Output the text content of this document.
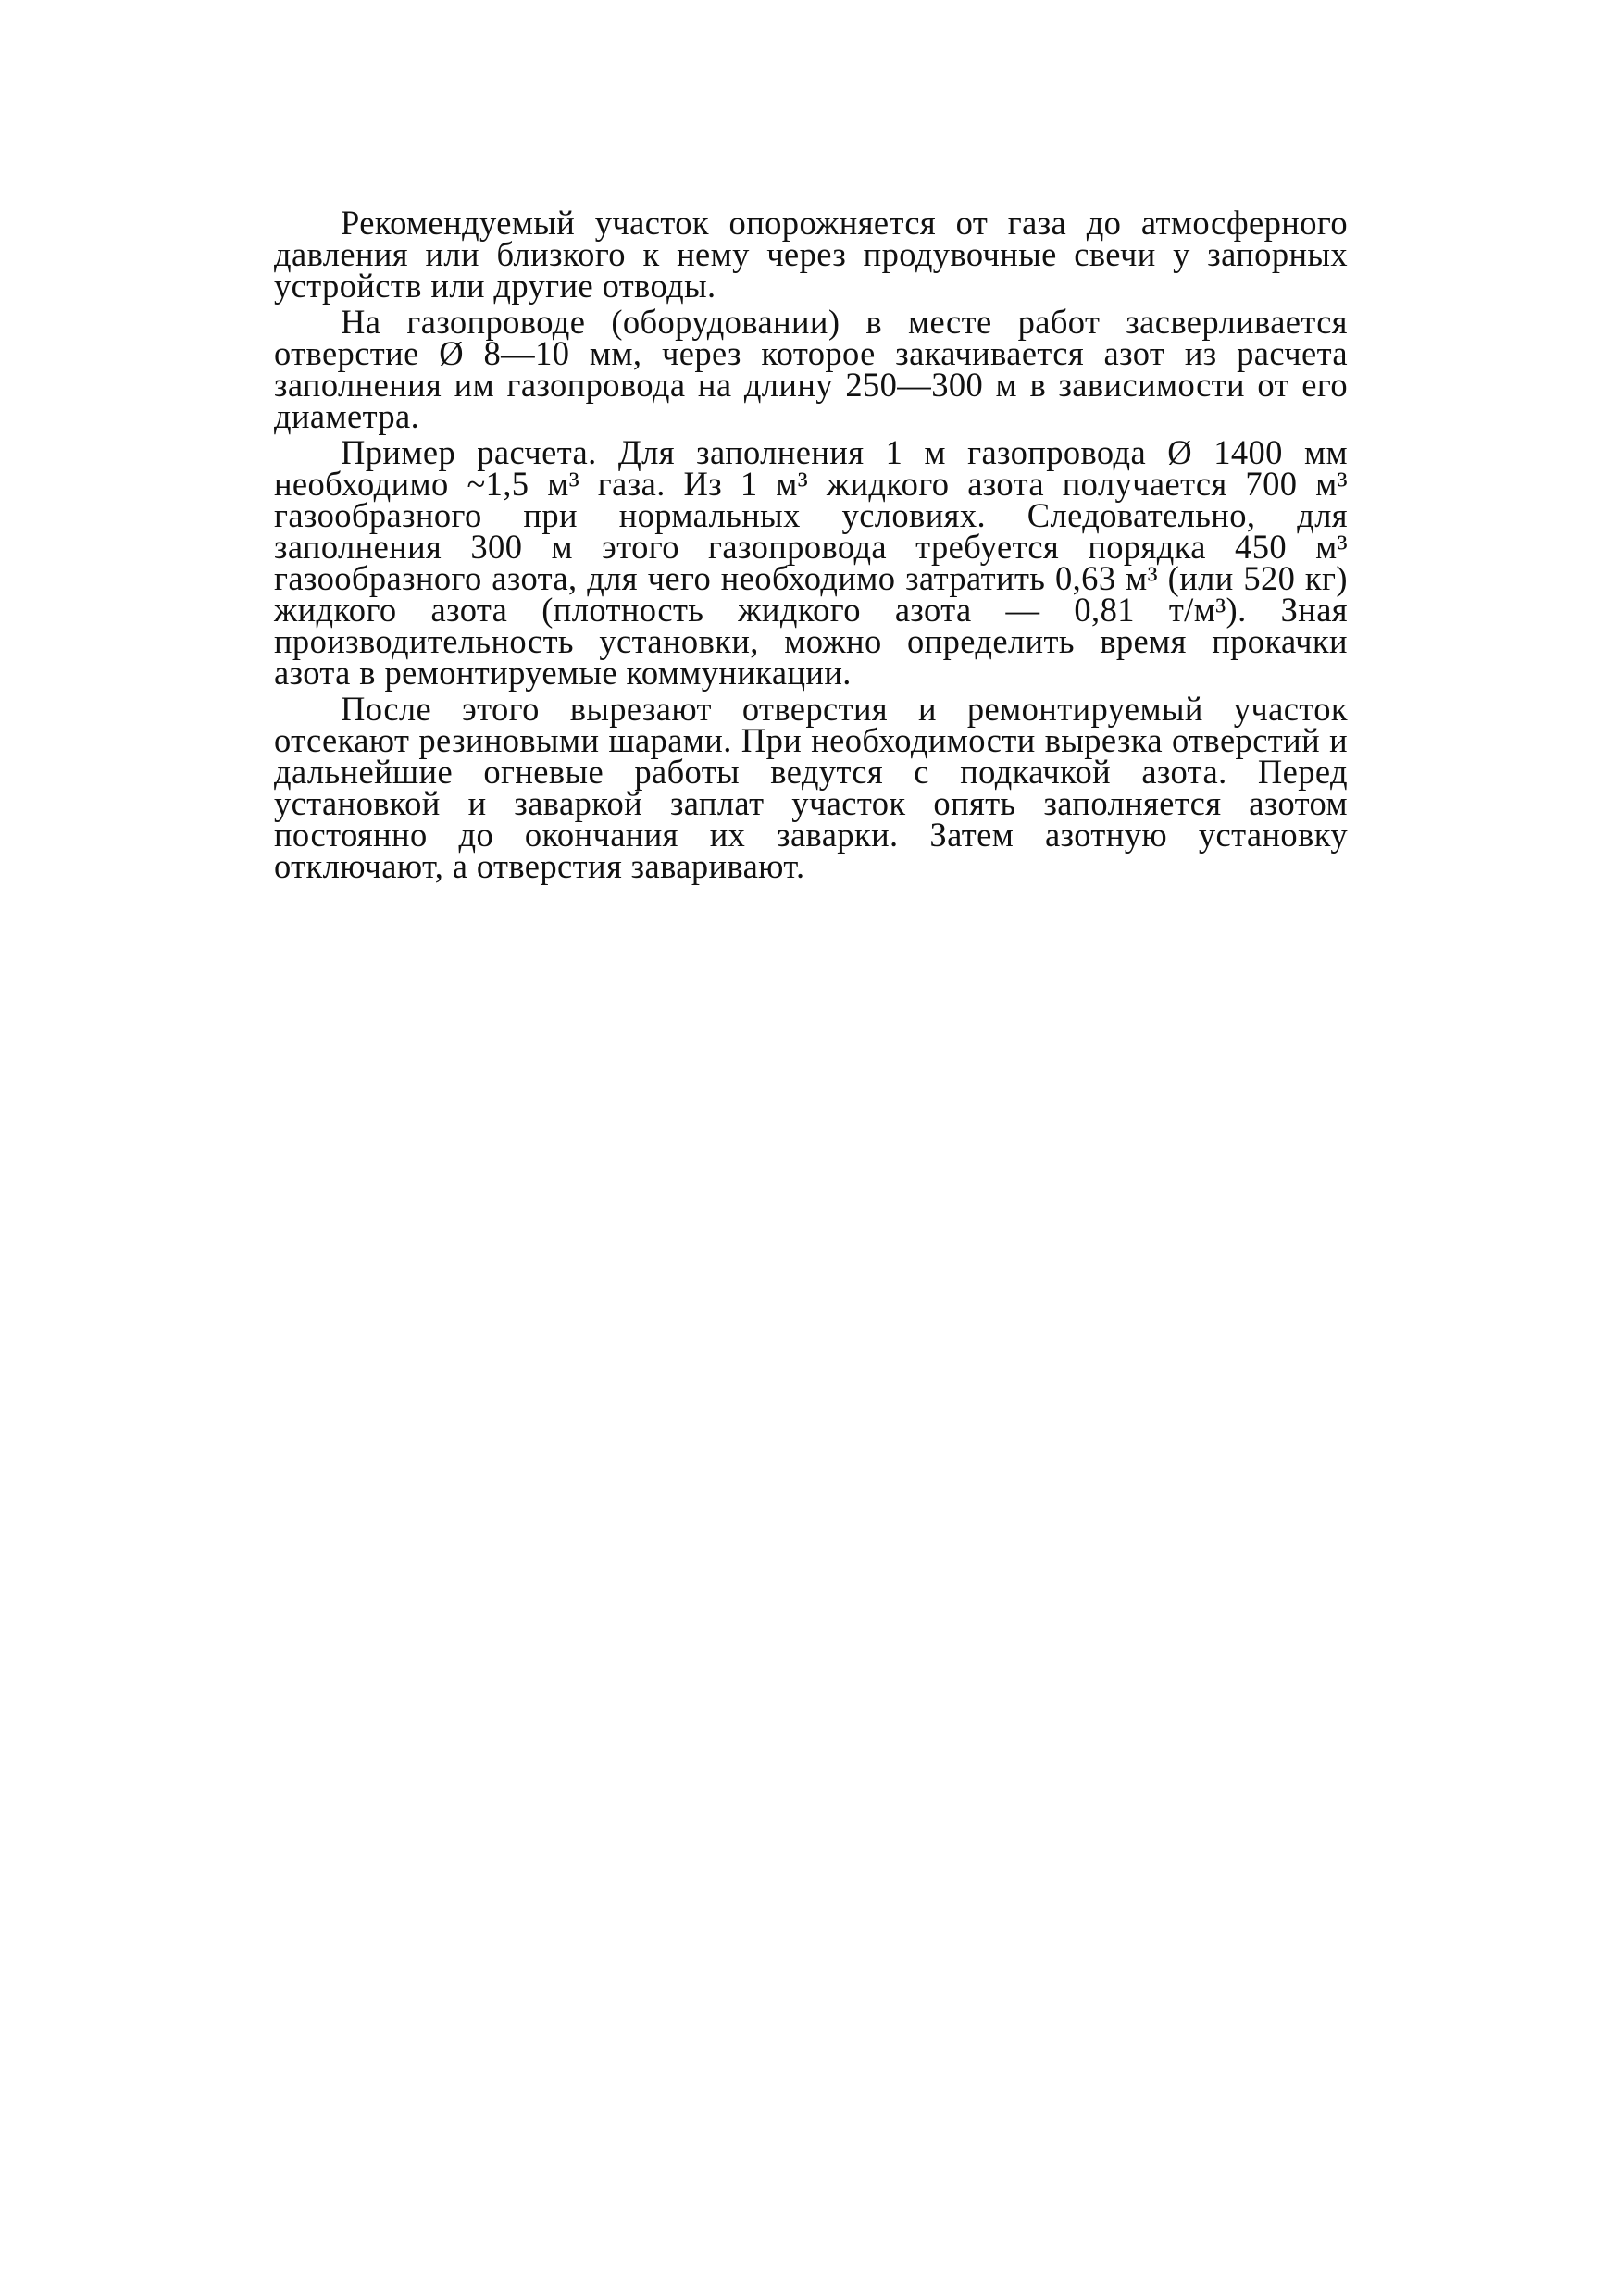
Рекомендуемый участок опорожняется от газа до атмосферного давления или близкого к нему через продувочные свечи у запорных устройств или другие отводы.

На газопроводе (оборудовании) в месте работ засверливается отверстие Ø 8—10 мм, через которое закачивается азот из расчета заполнения им газопровода на длину 250—300 м в зависимости от его диаметра.

Пример расчета. Для заполнения 1 м газопровода Ø 1400 мм необходимо ~1,5 м³ газа. Из 1 м³ жидкого азота получается 700 м³ газообразного при нормальных условиях. Следовательно, для заполнения 300 м этого газопровода требуется порядка 450 м³ газообразного азота, для чего необходимо затратить 0,63 м³ (или 520 кг) жидкого азота (плотность жидкого азота — 0,81 т/м³). Зная производительность установки, можно определить время прокачки азота в ремонтируемые коммуникации.

После этого вырезают отверстия и ремонтируемый участок отсекают резиновыми шарами. При необходимости вырезка отверстий и дальнейшие огневые работы ведутся с подкачкой азота. Перед установкой и заваркой заплат участок опять заполняется азотом постоянно до окончания их заварки. Затем азотную установку отключают, а отверстия заваривают.
